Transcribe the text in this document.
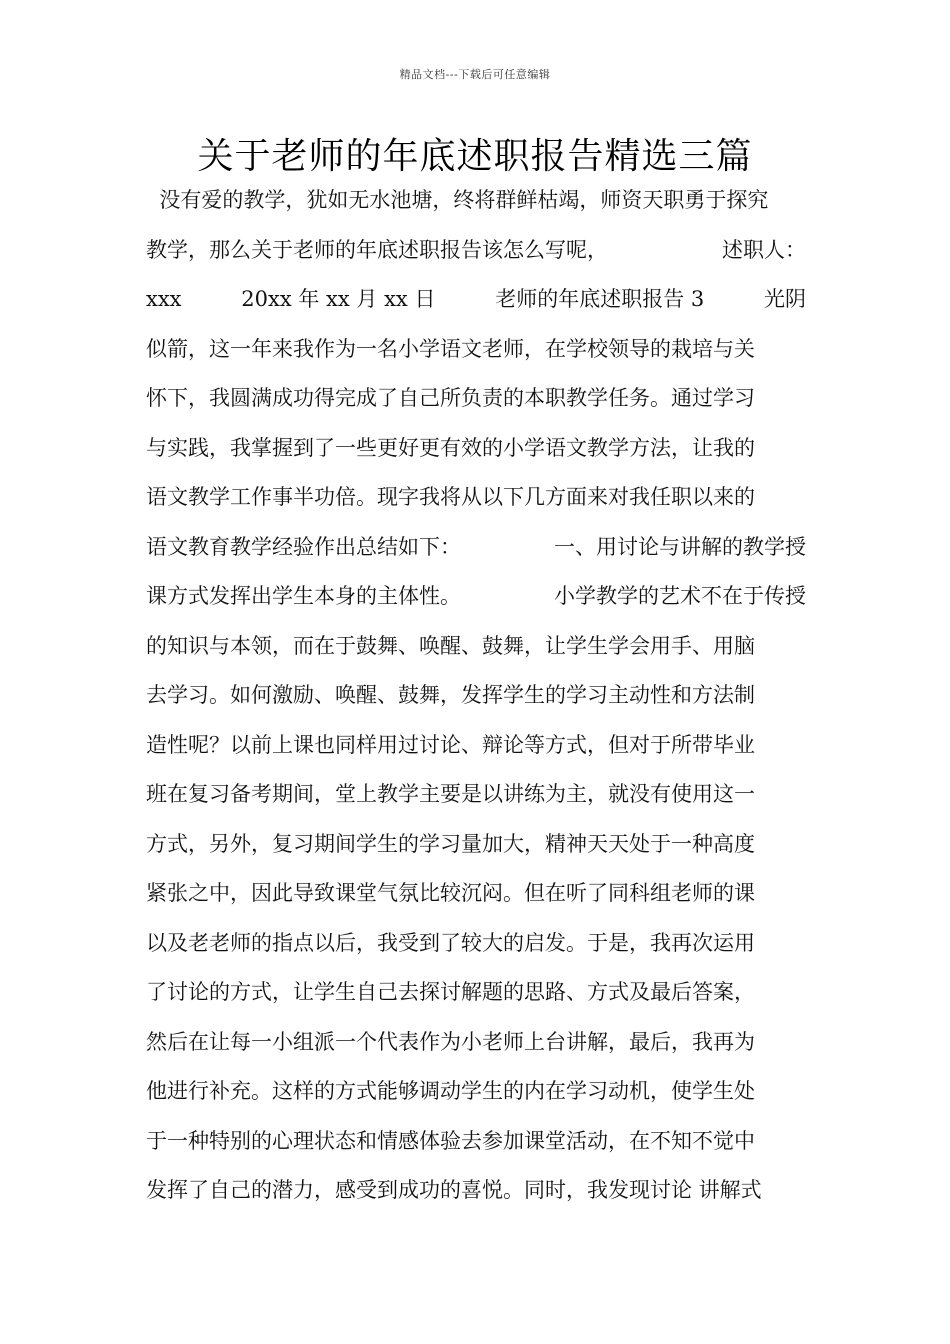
精品文档---下载后可任意编辑
关于老师的年底述职报告精选三篇
没有爱的教学，犹如无水池塘，终将群鲜枯竭，师资天职勇于探究
教学，那么关于老师的年底述职报告该怎么写呢，	述职人：
xxx	20xx 年 xx 月 xx 日	老师的年底述职报告 3	光阴
似箭，这一年来我作为一名小学语文老师，在学校领导的栽培与关
怀下，我圆满成功得完成了自己所负责的本职教学任务。通过学习
与实践，我掌握到了一些更好更有效的小学语文教学方法，让我的
语文教学工作事半功倍。现字我将从以下几方面来对我任职以来的
语文教育教学经验作出总结如下：	一、用讨论与讲解的教学授
课方式发挥出学生本身的主体性。	小学教学的艺术不在于传授
的知识与本领，而在于鼓舞、唤醒、鼓舞，让学生学会用手、用脑
去学习。如何激励、唤醒、鼓舞，发挥学生的学习主动性和方法制
造性呢？以前上课也同样用过讨论、辩论等方式，但对于所带毕业
班在复习备考期间，堂上教学主要是以讲练为主，就没有使用这一
方式，另外，复习期间学生的学习量加大，精神天天处于一种高度
紧张之中，因此导致课堂气氛比较沉闷。但在听了同科组老师的课
以及老老师的指点以后，我受到了较大的启发。于是，我再次运用
了讨论的方式，让学生自己去探讨解题的思路、方式及最后答案，
然后在让每一小组派一个代表作为小老师上台讲解，最后，我再为
他进行补充。这样的方式能够调动学生的内在学习动机，使学生处
于一种特别的心理状态和情感体验去参加课堂活动，在不知不觉中
发挥了自己的潜力，感受到成功的喜悦。同时，我发现讨论 讲解式
